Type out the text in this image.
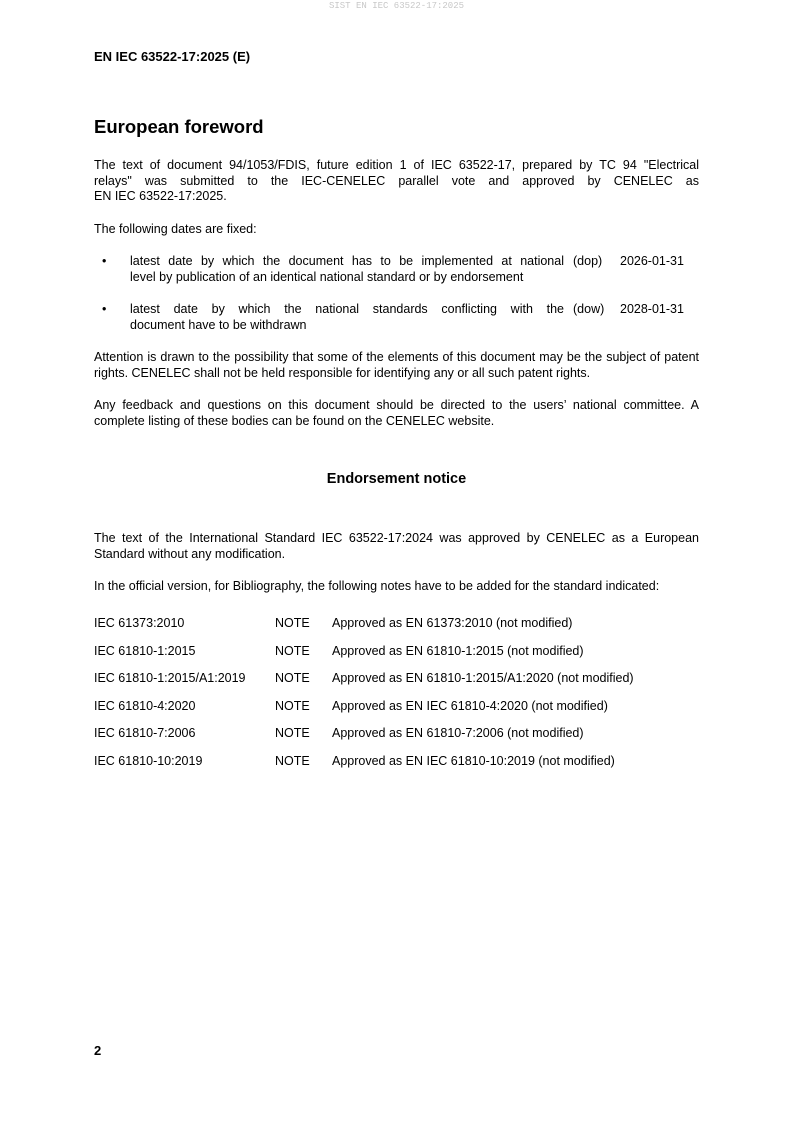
SIST EN IEC 63522-17:2025
EN IEC 63522-17:2025 (E)
European foreword
The text of document 94/1053/FDIS, future edition 1 of IEC 63522-17, prepared by TC 94 "Electrical
relays" was submitted to the IEC-CENELEC parallel vote and approved by CENELEC as
EN IEC 63522-17:2025.

The following dates are fixed:

• latest date by which the document has to be implemented at national
level by publication of an identical national standard or by endorsement
(dop) 2026-01-31
• latest date by which the national standards conflicting with the
document have to be withdrawn
(dow) 2028-01-31

Attention is drawn to the possibility that some of the elements of this document may be the subject of patent rights. CENELEC shall not be held responsible for identifying any or all such patent rights.

Any feedback and questions on this document should be directed to the users’ national committee. A complete listing of these bodies can be found on the CENELEC website.

Endorsement notice

The text of the International Standard IEC 63522-17:2024 was approved by CENELEC as a European Standard without any modification.

In the official version, for Bibliography, the following notes have to be added for the standard indicated:

IEC 61373:2010	NOTE Approved as EN 61373:2010 (not modified)
IEC 61810-1:2015	NOTE Approved as EN 61810-1:2015 (not modified)
IEC 61810-1:2015/A1:2019 NOTE Approved as EN 61810-1:2015/A1:2020 (not modified)
IEC 61810-4:2020	NOTE Approved as EN IEC 61810-4:2020 (not modified)
IEC 61810-7:2006	NOTE Approved as EN 61810-7:2006 (not modified)
IEC 61810-10:2019	NOTE Approved as EN IEC 61810-10:2019 (not modified)
2
